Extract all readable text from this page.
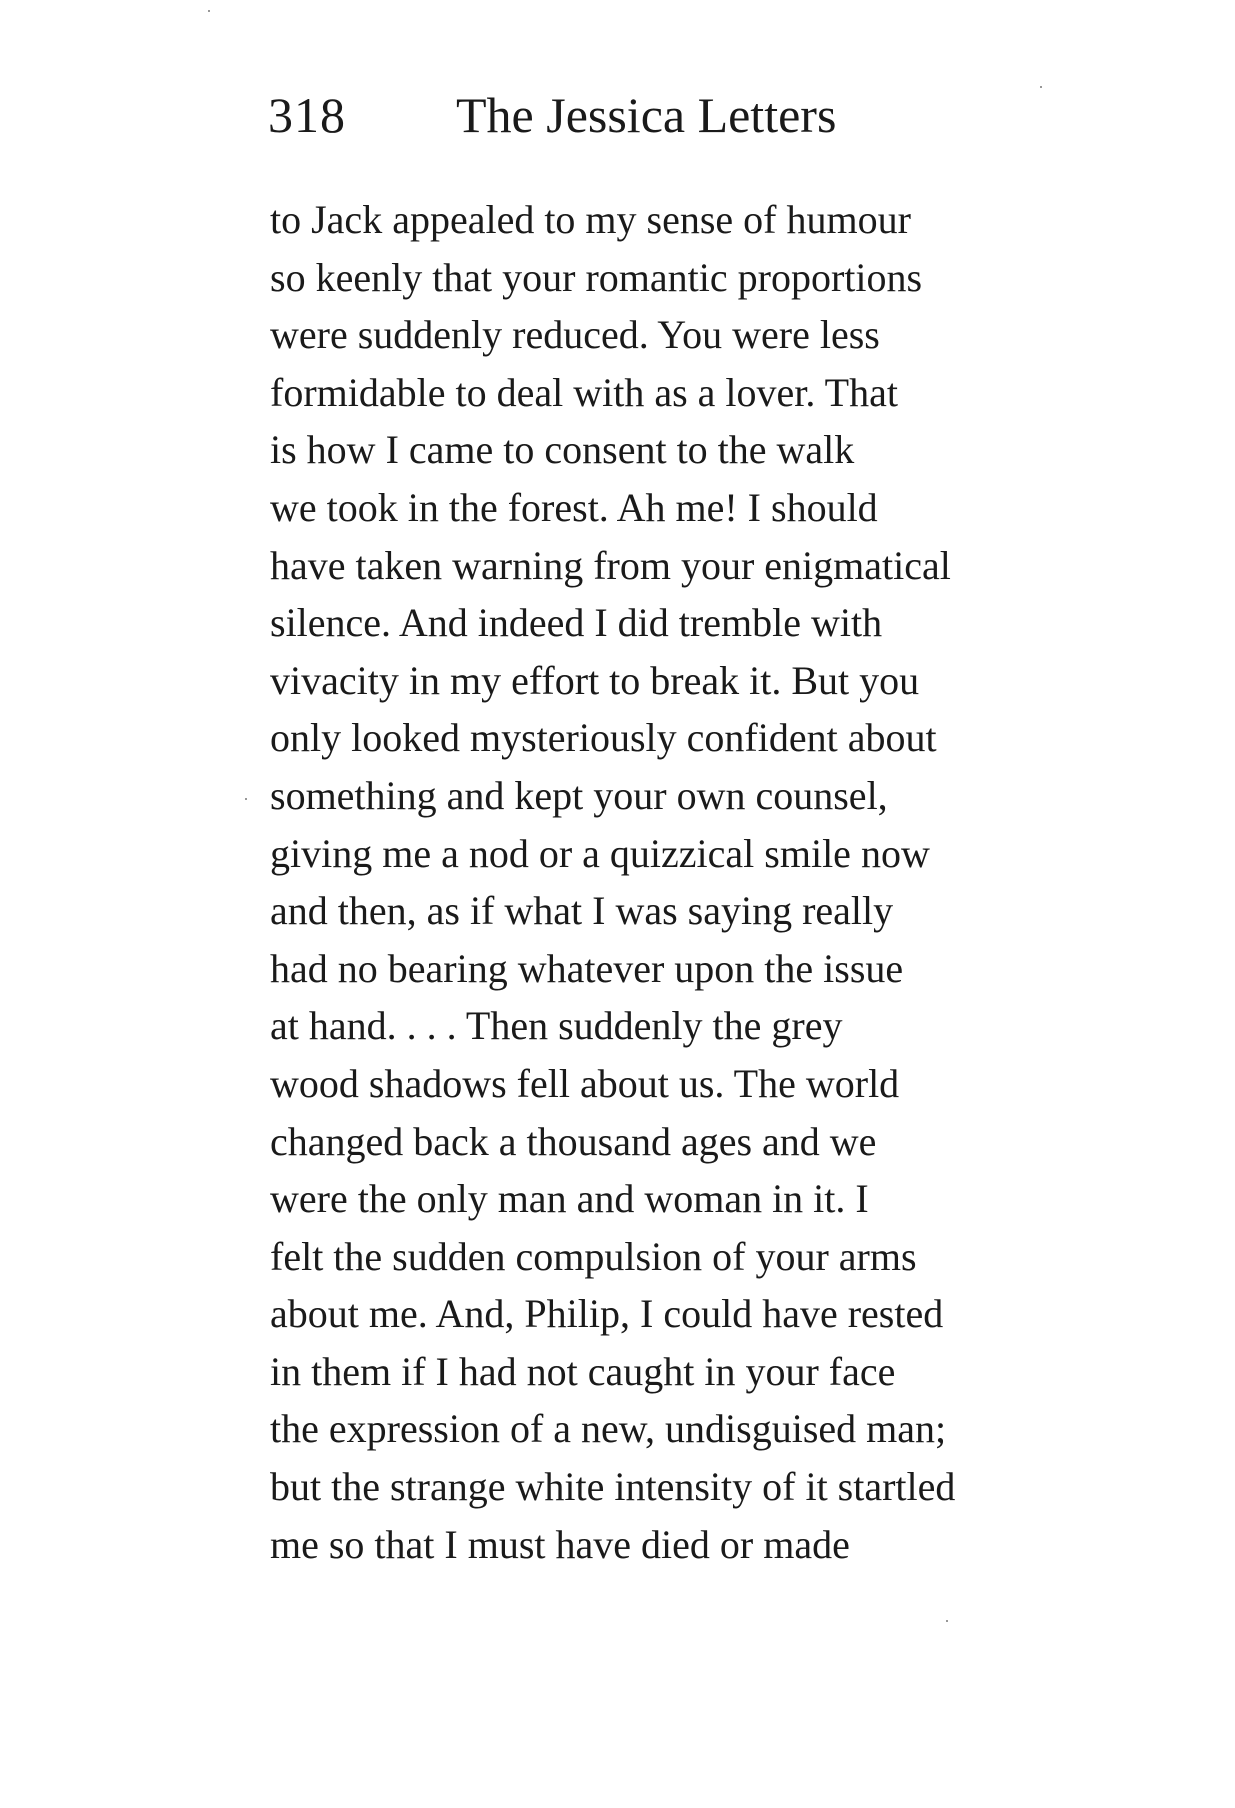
318 The Jessica Letters
to Jack appealed to my sense of humour
so keenly that your romantic proportions
were suddenly reduced. You were less
formidable to deal with as a lover. That
is how I came to consent to the walk
we took in the forest. Ah me! I should
have taken warning from your enigmatical
silence. And indeed I did tremble with
vivacity in my effort to break it. But you
only looked mysteriously confident about
something and kept your own counsel,
giving me a nod or a quizzical smile now
and then, as if what I was saying really
had no bearing whatever upon the issue
at hand. . . . Then suddenly the grey
wood shadows fell about us. The world
changed back a thousand ages and we
were the only man and woman in it. I
felt the sudden compulsion of your arms
about me. And, Philip, I could have rested
in them if I had not caught in your face
the expression of a new, undisguised man;
but the strange white intensity of it startled
me so that I must have died or made
